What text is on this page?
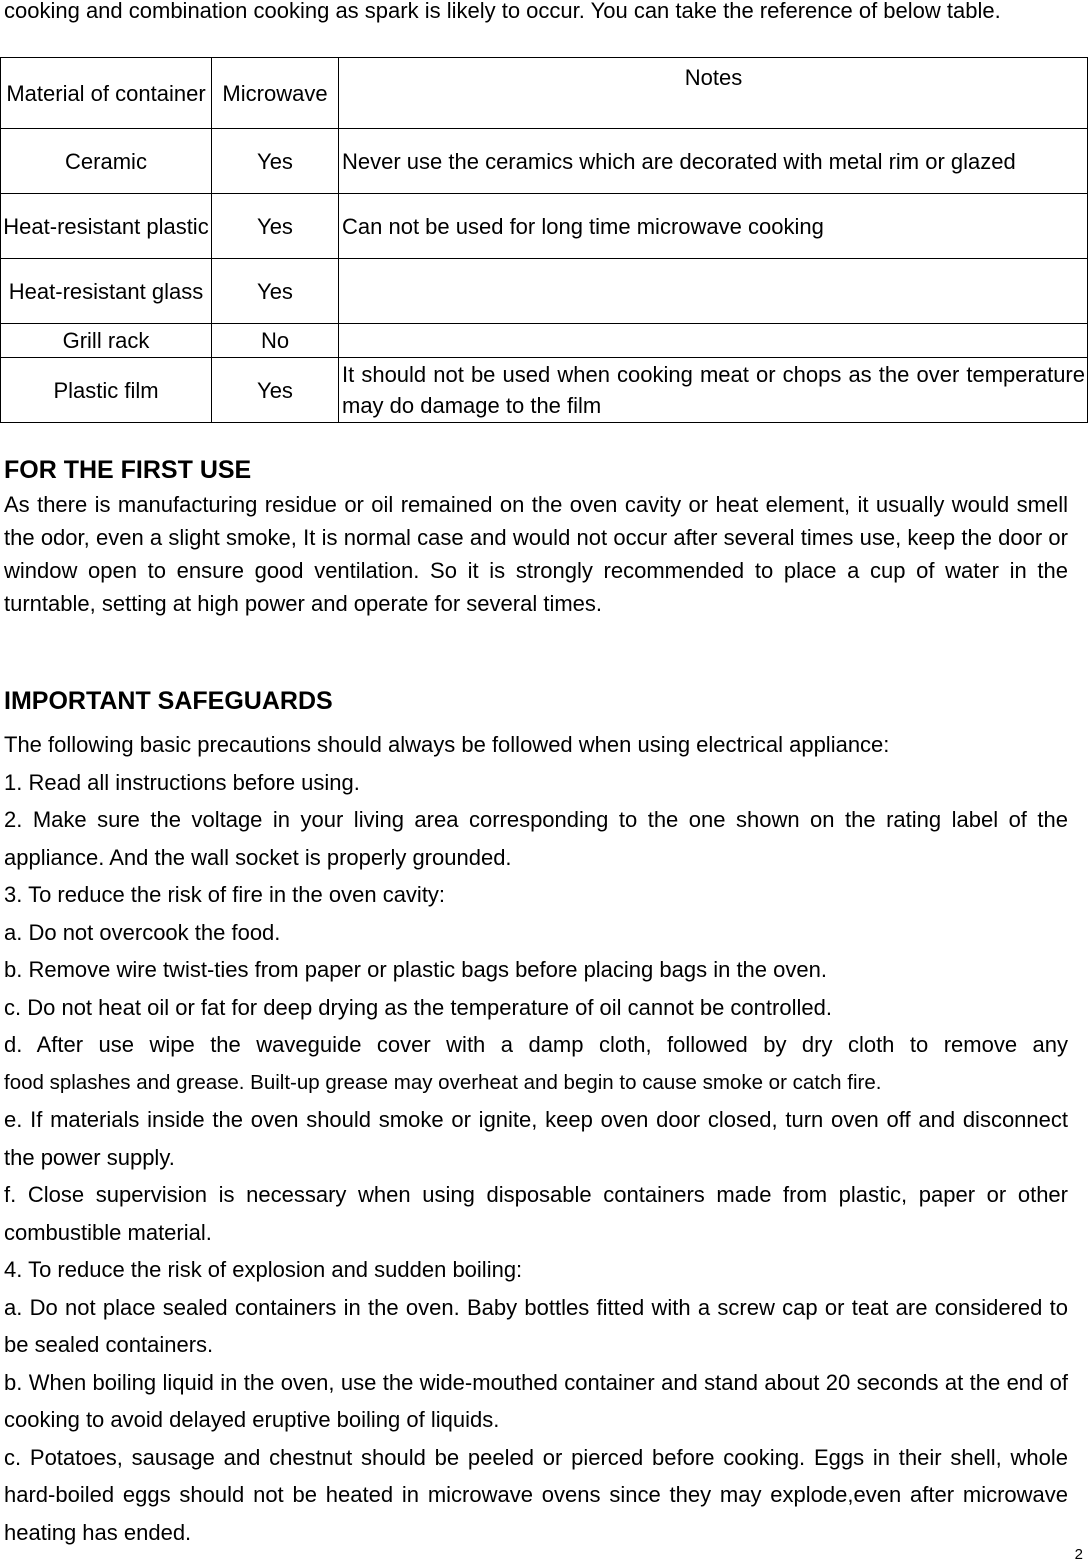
cooking and combination cooking as spark is likely to occur. You can take the reference of below table.
Material of container	Microwave	Notes
Ceramic	Yes	Never use the ceramics which are decorated with metal rim or glazed
Heat-resistant plastic	Yes	Can not be used for long time microwave cooking
Heat-resistant glass	Yes	
Grill rack	No	
Plastic film	Yes	It should not be used when cooking meat or chops as the over temperature may do damage to the film
FOR THE FIRST USE

As there is manufacturing residue or oil remained on the oven cavity or heat element, it usually would smell the odor, even a slight smoke, It is normal case and would not occur after several times use, keep the door or window open to ensure good ventilation. So it is strongly recommended to place a cup of water in the turntable, setting at high power and operate for several times.

IMPORTANT SAFEGUARDS

The following basic precautions should always be followed when using electrical appliance:

1. Read all instructions before using.

2. Make sure the voltage in your living area corresponding to the one shown on the rating label of the appliance. And the wall socket is properly grounded.

3. To reduce the risk of fire in the oven cavity:

a. Do not overcook the food.

b. Remove wire twist-ties from paper or plastic bags before placing bags in the oven.

c. Do not heat oil or fat for deep drying as the temperature of oil cannot be controlled.

d. After use wipe the waveguide cover with a damp cloth, followed by dry cloth to remove any

food splashes and grease. Built-up grease may overheat and begin to cause smoke or catch fire.

e. If materials inside the oven should smoke or ignite, keep oven door closed, turn oven off and disconnect the power supply.

f. Close supervision is necessary when using disposable containers made from plastic, paper or other combustible material.

4. To reduce the risk of explosion and sudden boiling:

a. Do not place sealed containers in the oven. Baby bottles fitted with a screw cap or teat are considered to be sealed containers.

b. When boiling liquid in the oven, use the wide-mouthed container and stand about 20 seconds at the end of cooking to avoid delayed eruptive boiling of liquids.

c. Potatoes, sausage and chestnut should be peeled or pierced before cooking. Eggs in their shell, whole hard-boiled eggs should not be heated in microwave ovens since they may explode,even after microwave heating has ended.

2
